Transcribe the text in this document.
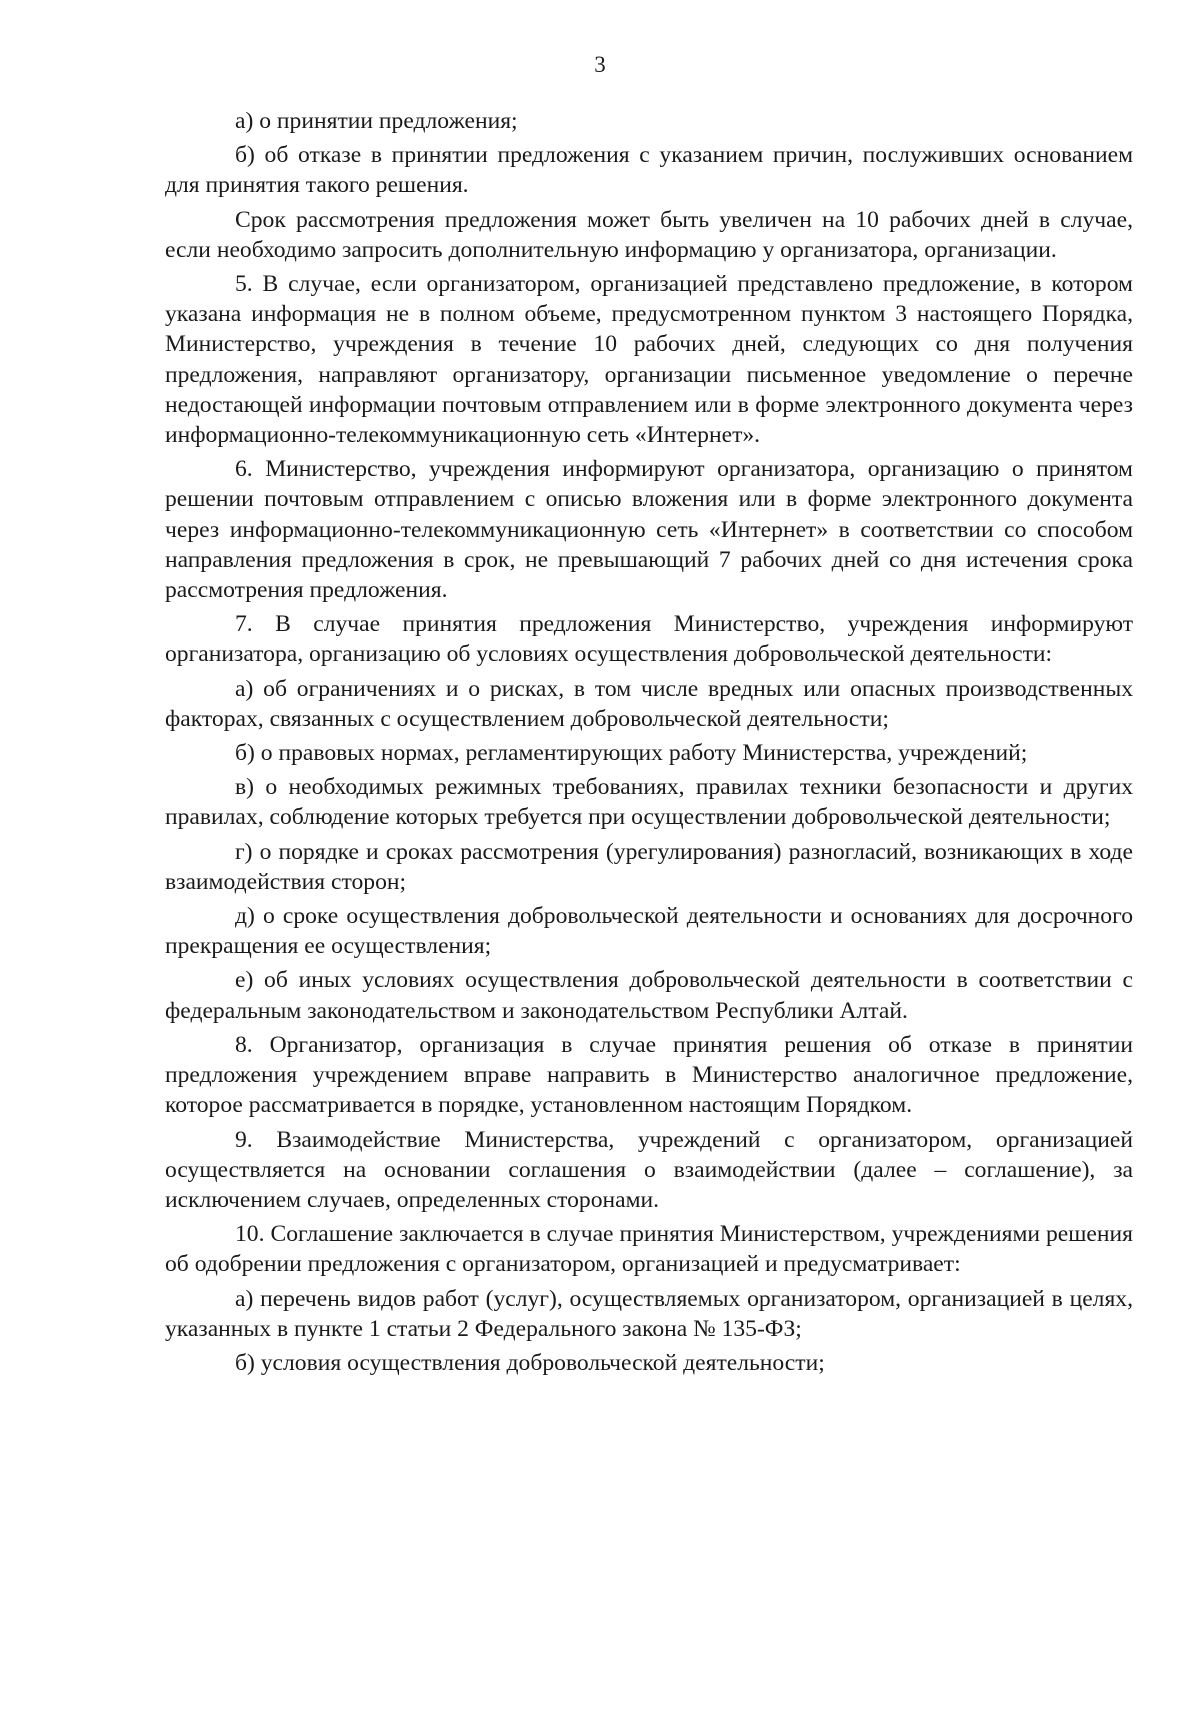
3

а) о принятии предложения;

б) об отказе в принятии предложения с указанием причин, послуживших основанием для принятия такого решения.

Срок рассмотрения предложения может быть увеличен на 10 рабочих дней в случае, если необходимо запросить дополнительную информацию у организатора, организации.

5. В случае, если организатором, организацией представлено предложение, в котором указана информация не в полном объеме, предусмотренном пунктом 3 настоящего Порядка, Министерство, учреждения в течение 10 рабочих дней, следующих со дня получения предложения, направляют организатору, организации письменное уведомление о перечне недостающей информации почтовым отправлением или в форме электронного документа через информационно-телекоммуникационную сеть «Интернет».

6. Министерство, учреждения информируют организатора, организацию о принятом решении почтовым отправлением с описью вложения или в форме электронного документа через информационно-телекоммуникационную сеть «Интернет» в соответствии со способом направления предложения в срок, не превышающий 7 рабочих дней со дня истечения срока рассмотрения предложения.

7. В случае принятия предложения Министерство, учреждения информируют организатора, организацию об условиях осуществления добровольческой деятельности:

а) об ограничениях и о рисках, в том числе вредных или опасных производственных факторах, связанных с осуществлением добровольческой деятельности;

б) о правовых нормах, регламентирующих работу Министерства, учреждений;

в) о необходимых режимных требованиях, правилах техники безопасности и других правилах, соблюдение которых требуется при осуществлении добровольческой деятельности;

г) о порядке и сроках рассмотрения (урегулирования) разногласий, возникающих в ходе взаимодействия сторон;

д) о сроке осуществления добровольческой деятельности и основаниях для досрочного прекращения ее осуществления;

е) об иных условиях осуществления добровольческой деятельности в соответствии с федеральным законодательством и законодательством Республики Алтай.

8. Организатор, организация в случае принятия решения об отказе в принятии предложения учреждением вправе направить в Министерство аналогичное предложение, которое рассматривается в порядке, установленном настоящим Порядком.

9. Взаимодействие Министерства, учреждений с организатором, организацией осуществляется на основании соглашения о взаимодействии (далее – соглашение), за исключением случаев, определенных сторонами.

10. Соглашение заключается в случае принятия Министерством, учреждениями решения об одобрении предложения с организатором, организацией и предусматривает:

а) перечень видов работ (услуг), осуществляемых организатором, организацией в целях, указанных в пункте 1 статьи 2 Федерального закона № 135-ФЗ;

б) условия осуществления добровольческой деятельности;
